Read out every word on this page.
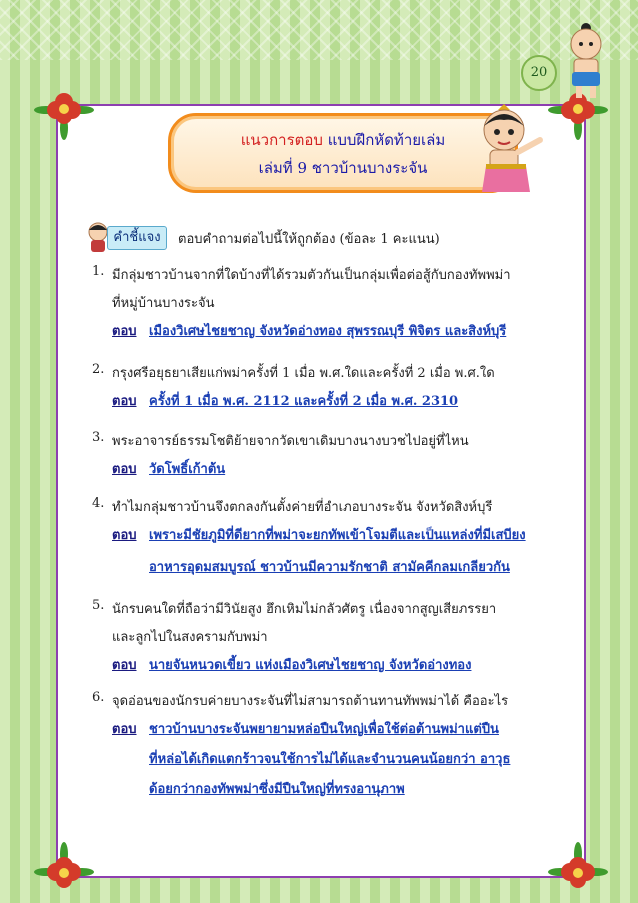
20
แนวการตอบ แบบฝึกหัดท้ายเล่ม
เล่มที่ 9 ชาวบ้านบางระจัน
คำชี้แจง	ตอบคำถามต่อไปนี้ให้ถูกต้อง (ข้อละ 1 คะแนน)
1. มีกลุ่มชาวบ้านจากที่ใดบ้างที่ได้รวมตัวกันเป็นกลุ่มเพื่อต่อสู้กับกองทัพพม่า
ที่หมู่บ้านบางระจัน
ตอบ เมืองวิเศษไชยชาญ จังหวัดอ่างทอง สุพรรณบุรี พิจิตร และสิงห์บุรี
2. กรุงศรีอยุธยาเสียแก่พม่าครั้งที่ 1 เมื่อ พ.ศ.ใดและครั้งที่ 2 เมื่อ พ.ศ.ใด
ตอบ ครั้งที่ 1 เมื่อ พ.ศ. 2112 และครั้งที่ 2 เมื่อ พ.ศ. 2310
3. พระอาจารย์ธรรมโชติย้ายจากวัดเขาเดิมบางนางบวชไปอยู่ที่ไหน
ตอบ วัดโพธิ์เก้าต้น
4. ทำไมกลุ่มชาวบ้านจึงตกลงกันตั้งค่ายที่อำเภอบางระจัน จังหวัดสิงห์บุรี
ตอบ เพราะมีชัยภูมิที่ดียากที่พม่าจะยกทัพเข้าโจมตีและเป็นแหล่งที่มีเสบียง
อาหารอุดมสมบูรณ์ ชาวบ้านมีความรักชาติ สามัคคีกลมเกลียวกัน
5. นักรบคนใดที่ถือว่ามีวินัยสูง ฮึกเหิมไม่กลัวศัตรู เนื่องจากสูญเสียภรรยา
และลูกไปในสงครามกับพม่า
ตอบ นายจันหนวดเขี้ยว แห่งเมืองวิเศษไชยชาญ จังหวัดอ่างทอง
6. จุดอ่อนของนักรบค่ายบางระจันที่ไม่สามารถต้านทานทัพพม่าได้ คืออะไร
ตอบ ชาวบ้านบางระจันพยายามหล่อปืนใหญ่เพื่อใช้ต่อต้านพม่าแต่ปืน
ที่หล่อได้เกิดแตกร้าวจนใช้การไม่ได้และจำนวนคนน้อยกว่า อาวุธ
ด้อยกว่ากองทัพพม่าซึ่งมีปืนใหญ่ที่ทรงอานุภาพ
